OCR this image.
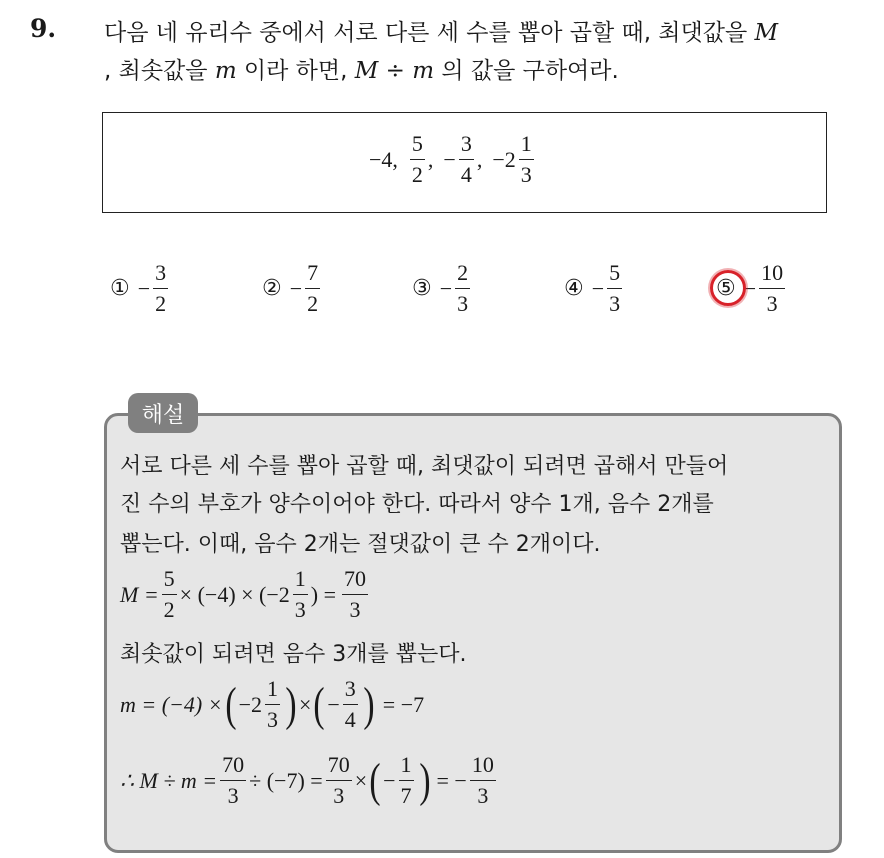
9. 다음 네 유리수 중에서 서로 다른 세 수를 뽑아 곱할 때, 최댓값을 M
, 최솟값을 m 이라 하면, M ÷ m 의 값을 구하여라.
−4, $\frac{5}{2}$ , − $\frac{3}{4}$ , $-2 \frac{1}{3}$
① − $\frac{3}{2}$	② − $\frac{7}{2}$	③ − $\frac{2}{3}$	④ − $\frac{5}{3}$	⑤ − $\frac{10}{3}$
해설
서로 다른 세 수를 뽑아 곱할 때, 최댓값이 되려면 곱해서 만들어
진 수의 부호가 양수이어야 한다. 따라서 양수 1개, 음수 2개를
뽑는다. 이때, 음수 2개는 절댓값이 큰 수 2개이다.
$M = \frac{5}{2} \times (-4) \times (-2 \frac{1}{3}$ ) = $\frac{70}{3}$
최솟값이 되려면 음수 3개를 뽑는다.
m = (−4) × ( $-2 \frac{1}{3}$ ) × ( − $\frac{3}{4}$ ) = −7
∴ $M \div m = \frac{70}{3} \div (-7) = \frac{70}{3}$ × ( − $\frac{1}{7}$ ) = − $\frac{10}{3}$
